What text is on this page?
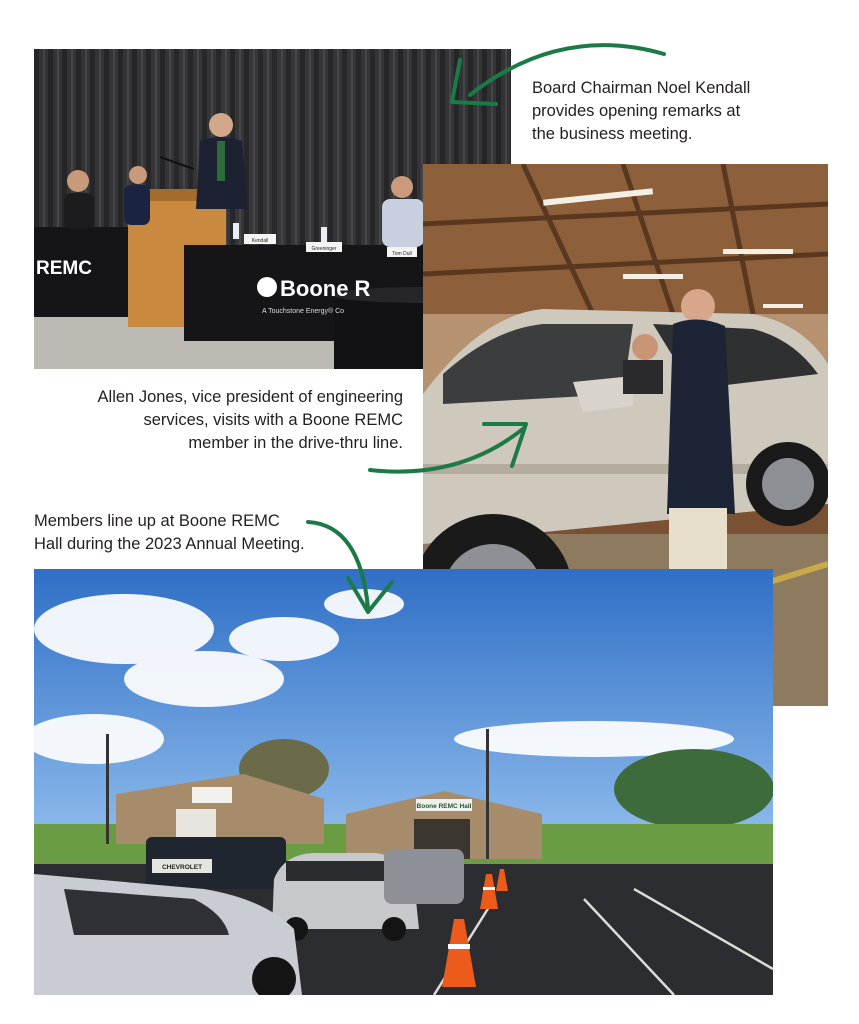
Kendall
Greeninger
Tom Dull
REMC
Boone R
A Touchstone Energy® Co
Boone REMC Hall
CHEVROLET
Board Chairman Noel Kendall
provides opening remarks at
the business meeting.
Allen Jones, vice president of engineering
services, visits with a Boone REMC
member in the drive-thru line.
Members line up at Boone REMC
Hall during the 2023 Annual Meeting.
